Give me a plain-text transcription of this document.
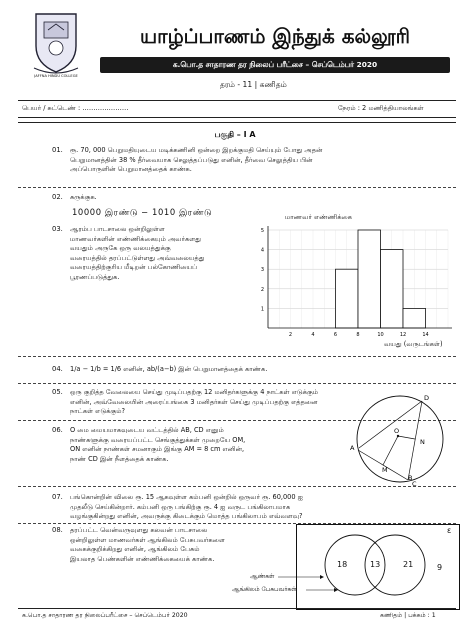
JAFFNA HINDU COLLEGE
யாழ்ப்பாணம் இந்துக் கல்லூரி
க.பொ.த சாதாரண தர நிலைப் பரீட்சை – செப்டெம்பர் 2020
தரம் - 11 | கணிதம்
பெயர் / சுட்டெண் : …………………	நேரம் : 2 மணித்தியாலங்கள்
பகுதி – I A
01. ரூ. 70, 000 பெறுமதியுடைய மடிக்கணினி ஒன்றை இறக்குமதி செய்யும் போது அதன்
பெறுமானத்தின் 38 % தீர்வையாக செலுத்தப்படுது எனின், தீர்வை செலுத்திய பின்
அப்பொருளின் பெறுமானத்தைக் காண்க.
02. சுருக்குக.
10000 இரண்டு − 1010 இரண்டு
03. ஆரம்ப பாடசாலை ஒன்றிலுள்ள
மாணவர்களின் எண்ணிக்கையும் அவர்களது
வயதும் அருகே ஒரு வலயத்துக்கு
வரையத்தில் தரப்பட்டுள்ளது அவ்வலையத்து
வரையத்திற்குரிய மீடிறன் பல்கோணியைப்
பூரணப்படுத்துக.
மாணவர் எண்ணிக்கை
5
4
3
2
1
2	4	6	8	10	12	14
வயது (வருடங்கள்)
04. 1/a − 1/b = 1/6 எனின், ab/(a−b) இன் பெறுமானத்தைக் காண்க.
05. ஒரு குறித்த வேலையை செய்து முடிப்பதற்கு 12 மனிதர்களுக்கு 4 நாட்கள் எடுக்கும்
எனின், அவ்வேலையின் அரைப்பங்கை 3 மனிதர்கள் செய்து முடிப்பதற்கு எத்தனை
நாட்கள் எடுக்கும்?
06. O மை மையமாகவுடைய வட்டத்தில் AB, CD எனும்
நாண்களுக்கு வரையப்பட்ட செங்குத்துக்கள் முறையே OM,
ON எனின் நாண்கள் சமனாகும் இங்கு AM = 8 cm எனின்,
நாண் CD இன் நீளத்தைக் காண்க.
D
O
N
A
M
B
C
07. பங்கொன்றின் விலை ரூ. 15 ஆகவுள்ள கம்பனி ஒன்றில் ஒருவர் ரூ. 60,000 ஐ
முதலீடு செய்கின்றார். கம்பனி ஒரு பங்கிற்கு ரூ. 4 ஐ வருட பங்கிலாபமாக
வழங்குகின்றது எனின், அவருக்கு கிடைக்கும் மொத்த பங்கிலாபம் எவ்வளவு?
08. தரப்பட்ட வென்வருவுளது கலவன் பாடசாலை
ஒன்றிலுள்ள மாணவர்கள் ஆங்கிலம் பேசுபவர்களை
வகைக்குறிக்கிறது எனின், ஆங்கிலம் பேசும்
இயலாத பெண்களின் எண்ணிக்கையைக் காண்க.
ε
18	13	21	9
ஆண்கள்
ஆங்கிலம் பேசுபவர்கள்
க.பொ.த சாதாரண தர நிலைப்பரீட்சை – செப்டெம்பர் 2020	கணிதம் | பக்கம் : 1
